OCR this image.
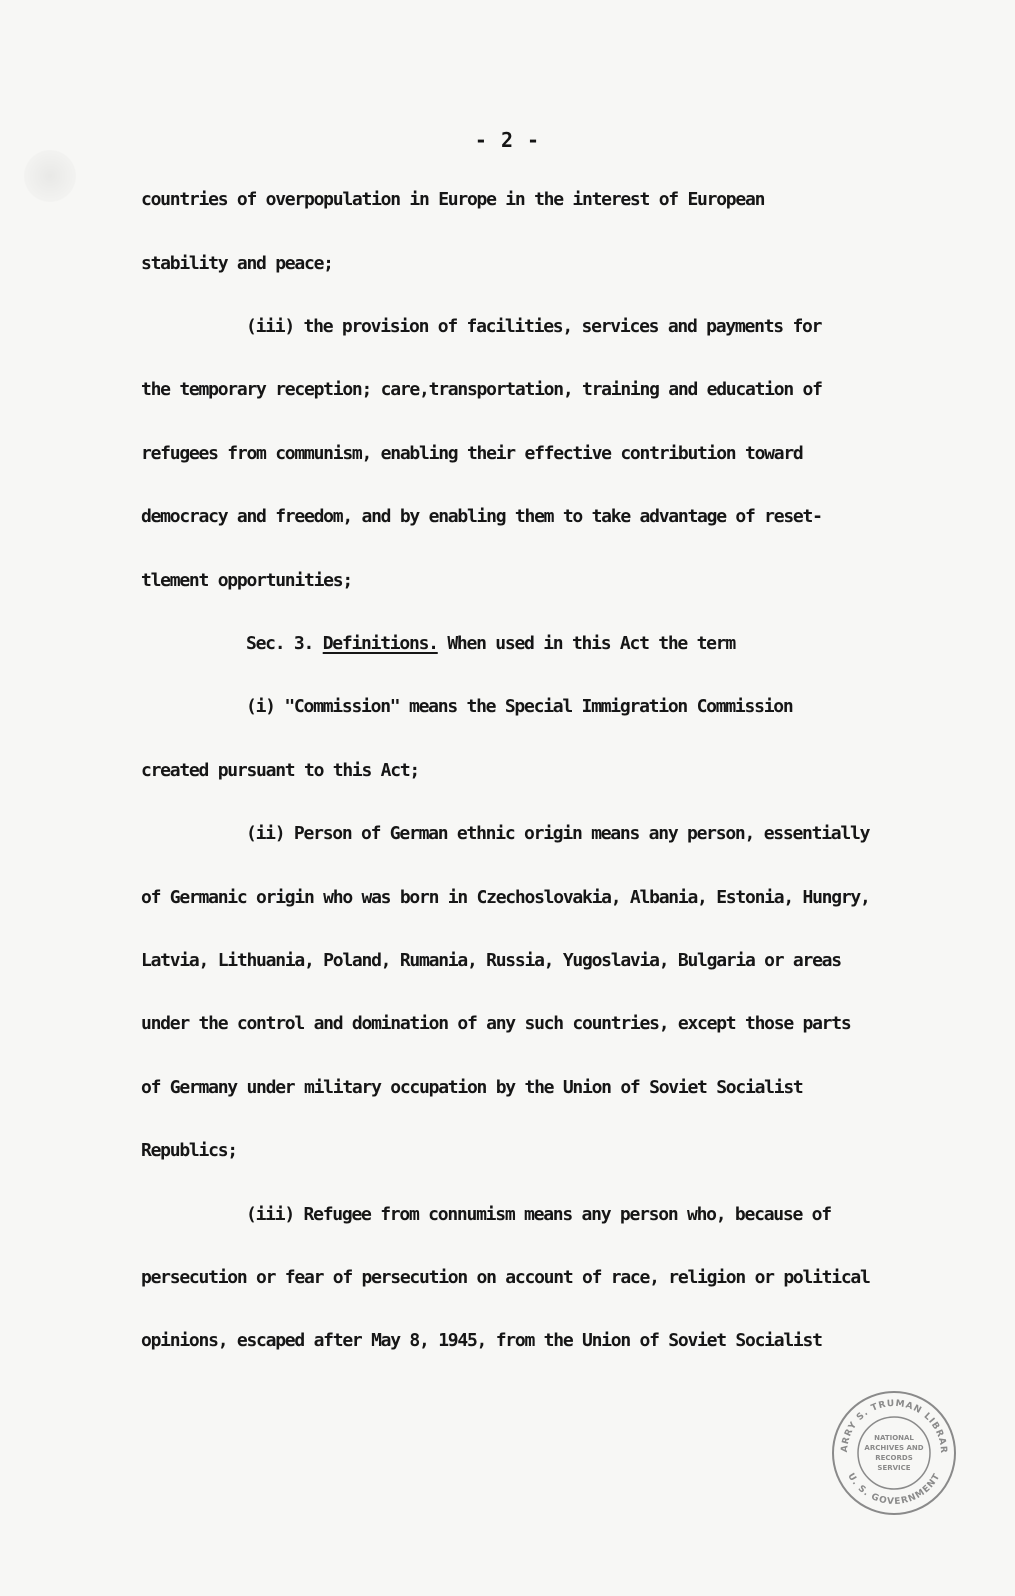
- 2 -
countries of overpopulation in Europe in the interest of European
stability and peace;
(iii) the provision of facilities, services and payments for
the temporary reception; care,transportation, training and education of
refugees from communism, enabling their effective contribution toward
democracy and freedom, and by enabling them to take advantage of reset-
tlement opportunities;
Sec. 3. Definitions. When used in this Act the term
(i) "Commission" means the Special Immigration Commission
created pursuant to this Act;
(ii) Person of German ethnic origin means any person, essentially
of Germanic origin who was born in Czechoslovakia, Albania, Estonia, Hungry,
Latvia, Lithuania, Poland, Rumania, Russia, Yugoslavia, Bulgaria or areas
under the control and domination of any such countries, except those parts
of Germany under military occupation by the Union of Soviet Socialist
Republics;
(iii) Refugee from connumism means any person who, because of
persecution or fear of persecution on account of race, religion or political
opinions, escaped after May 8, 1945, from the Union of Soviet Socialist
ARRY S. TRUMAN LIBRAR
U. S. GOVERNMENT
NATIONAL
ARCHIVES AND
RECORDS
SERVICE
